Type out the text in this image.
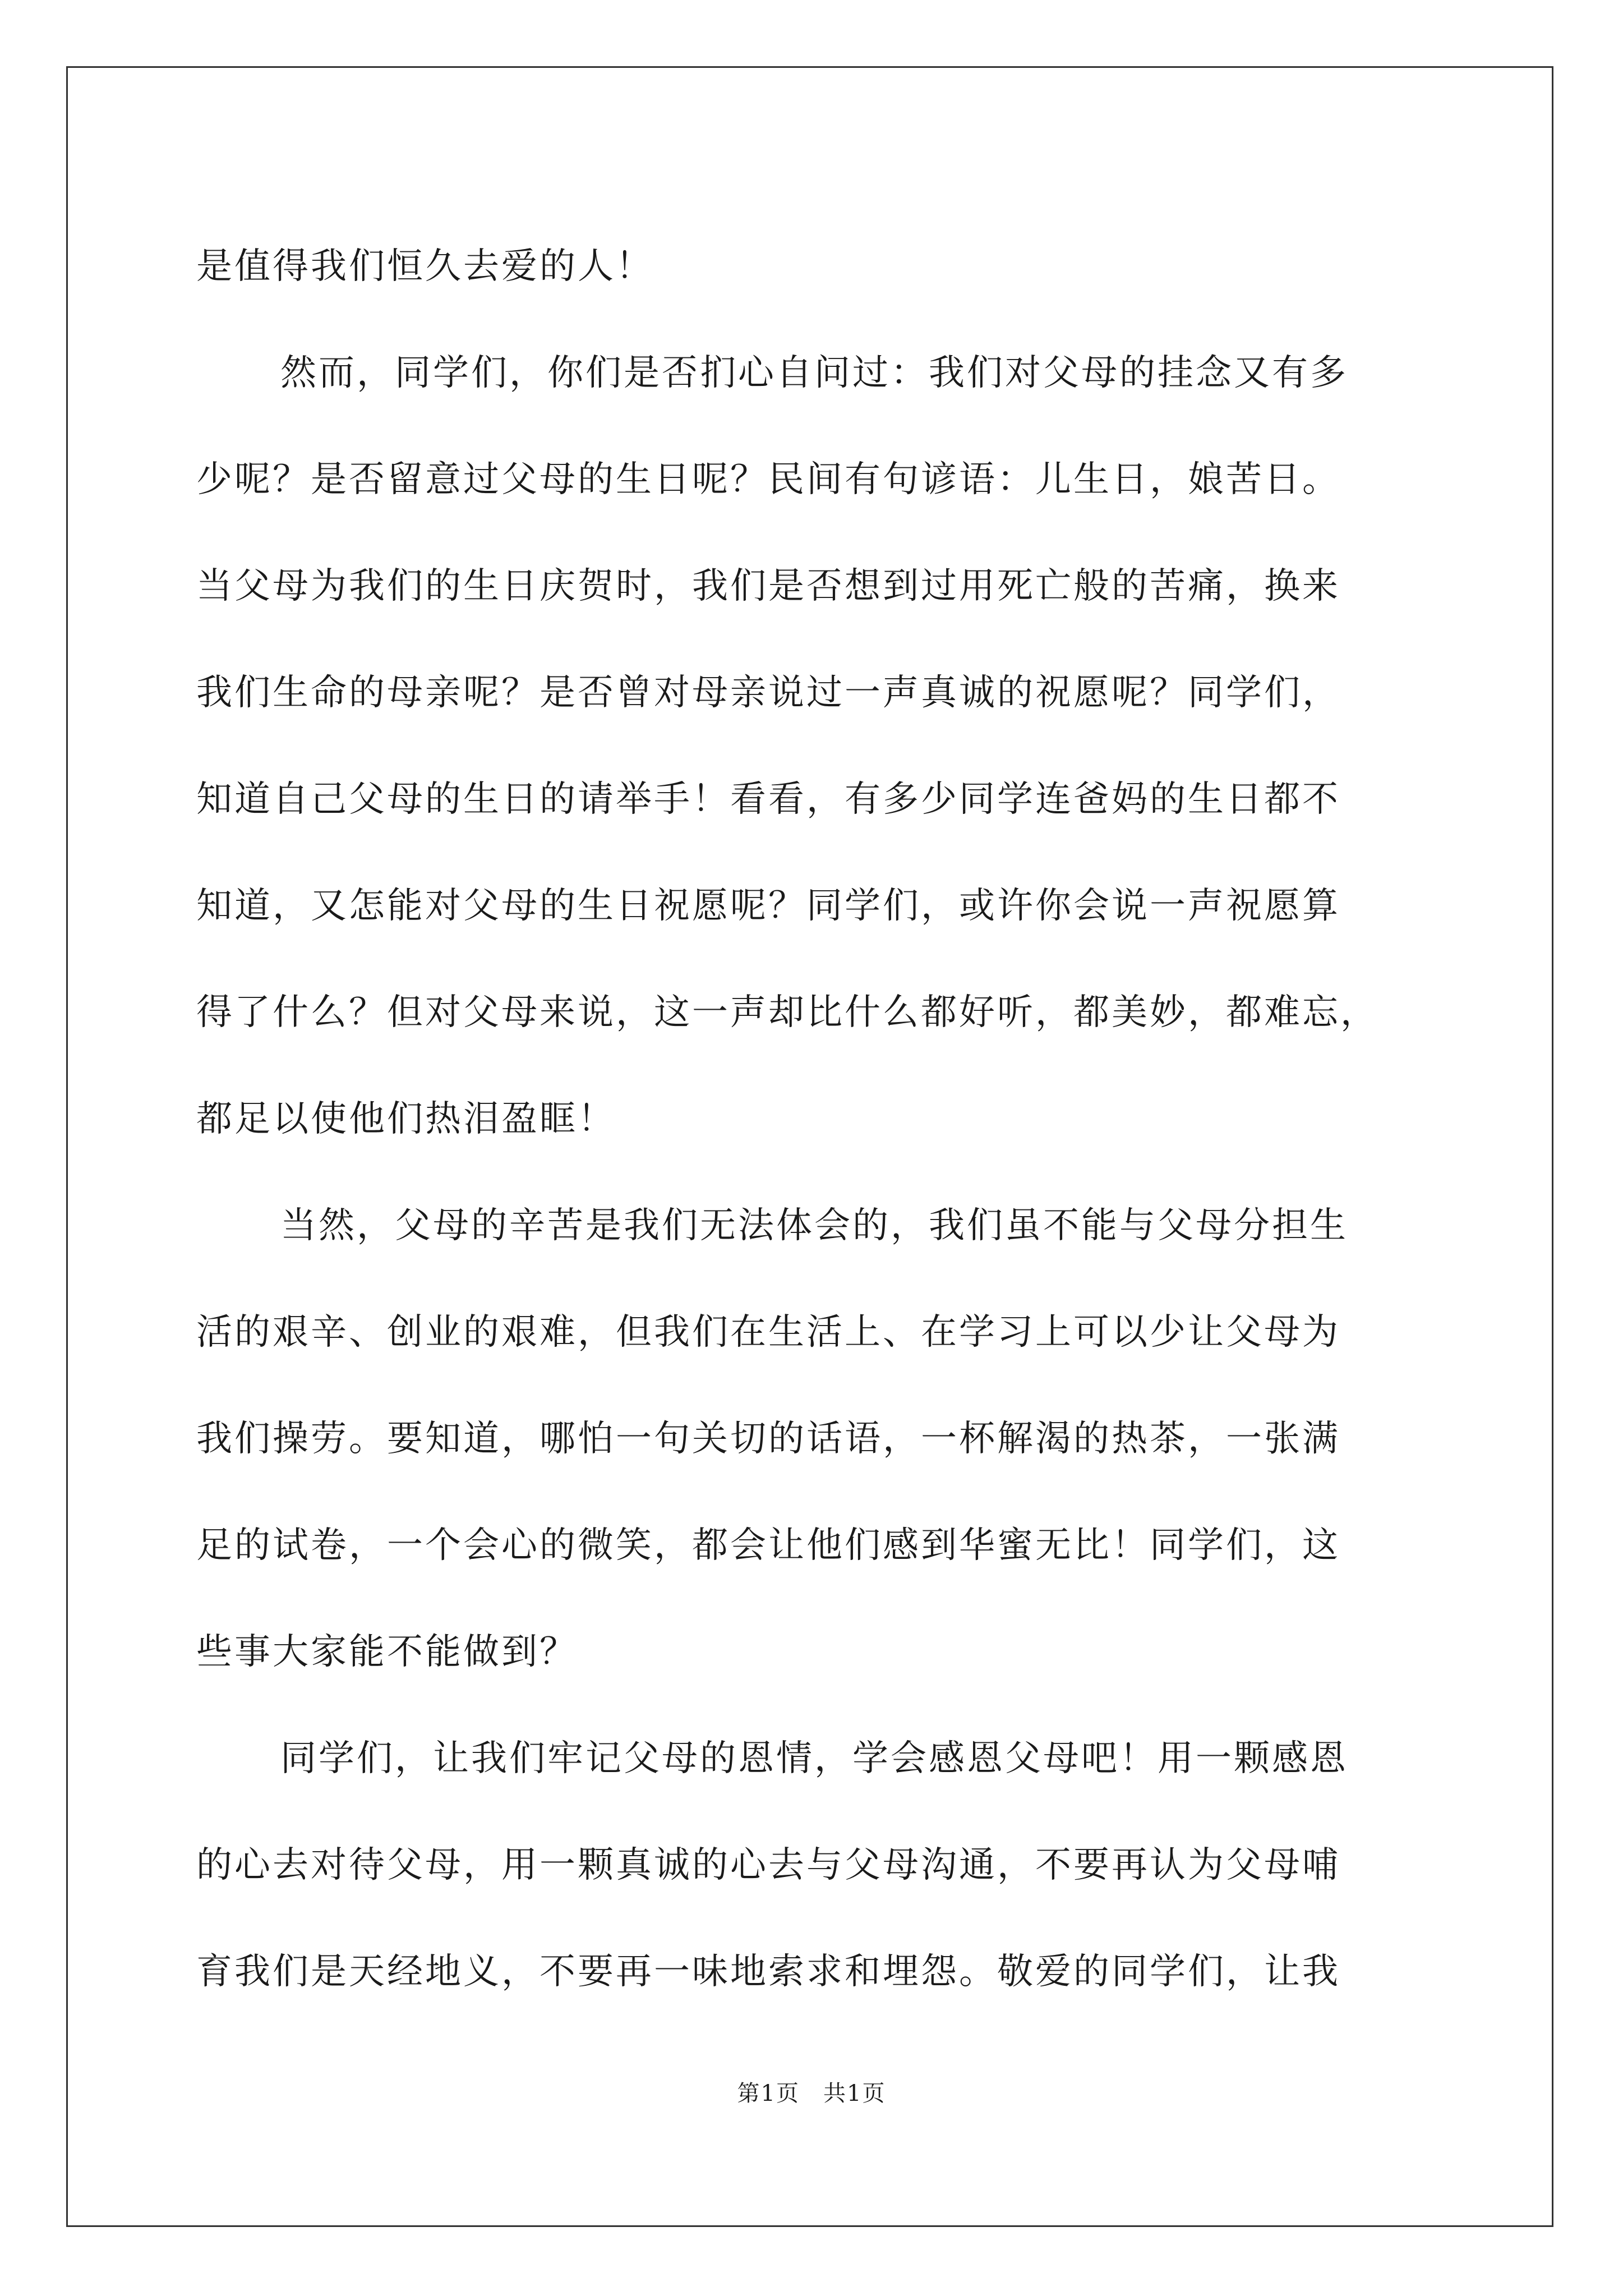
是值得我们恒久去爱的人！
然而，同学们，你们是否扪心自问过：我们对父母的挂念又有多
少呢？是否留意过父母的生日呢？民间有句谚语：儿生日，娘苦日。
当父母为我们的生日庆贺时，我们是否想到过用死亡般的苦痛，换来
我们生命的母亲呢？是否曾对母亲说过一声真诚的祝愿呢？同学们，
知道自己父母的生日的请举手！看看，有多少同学连爸妈的生日都不
知道，又怎能对父母的生日祝愿呢？同学们，或许你会说一声祝愿算
得了什么？但对父母来说，这一声却比什么都好听，都美妙，都难忘，
都足以使他们热泪盈眶！
当然，父母的辛苦是我们无法体会的，我们虽不能与父母分担生
活的艰辛、创业的艰难，但我们在生活上、在学习上可以少让父母为
我们操劳。要知道，哪怕一句关切的话语，一杯解渴的热茶，一张满
足的试卷，一个会心的微笑，都会让他们感到华蜜无比！同学们，这
些事大家能不能做到？
同学们，让我们牢记父母的恩情，学会感恩父母吧！用一颗感恩
的心去对待父母，用一颗真诚的心去与父母沟通，不要再认为父母哺
育我们是天经地义，不要再一味地索求和埋怨。敬爱的同学们，让我
第1页　共1页
